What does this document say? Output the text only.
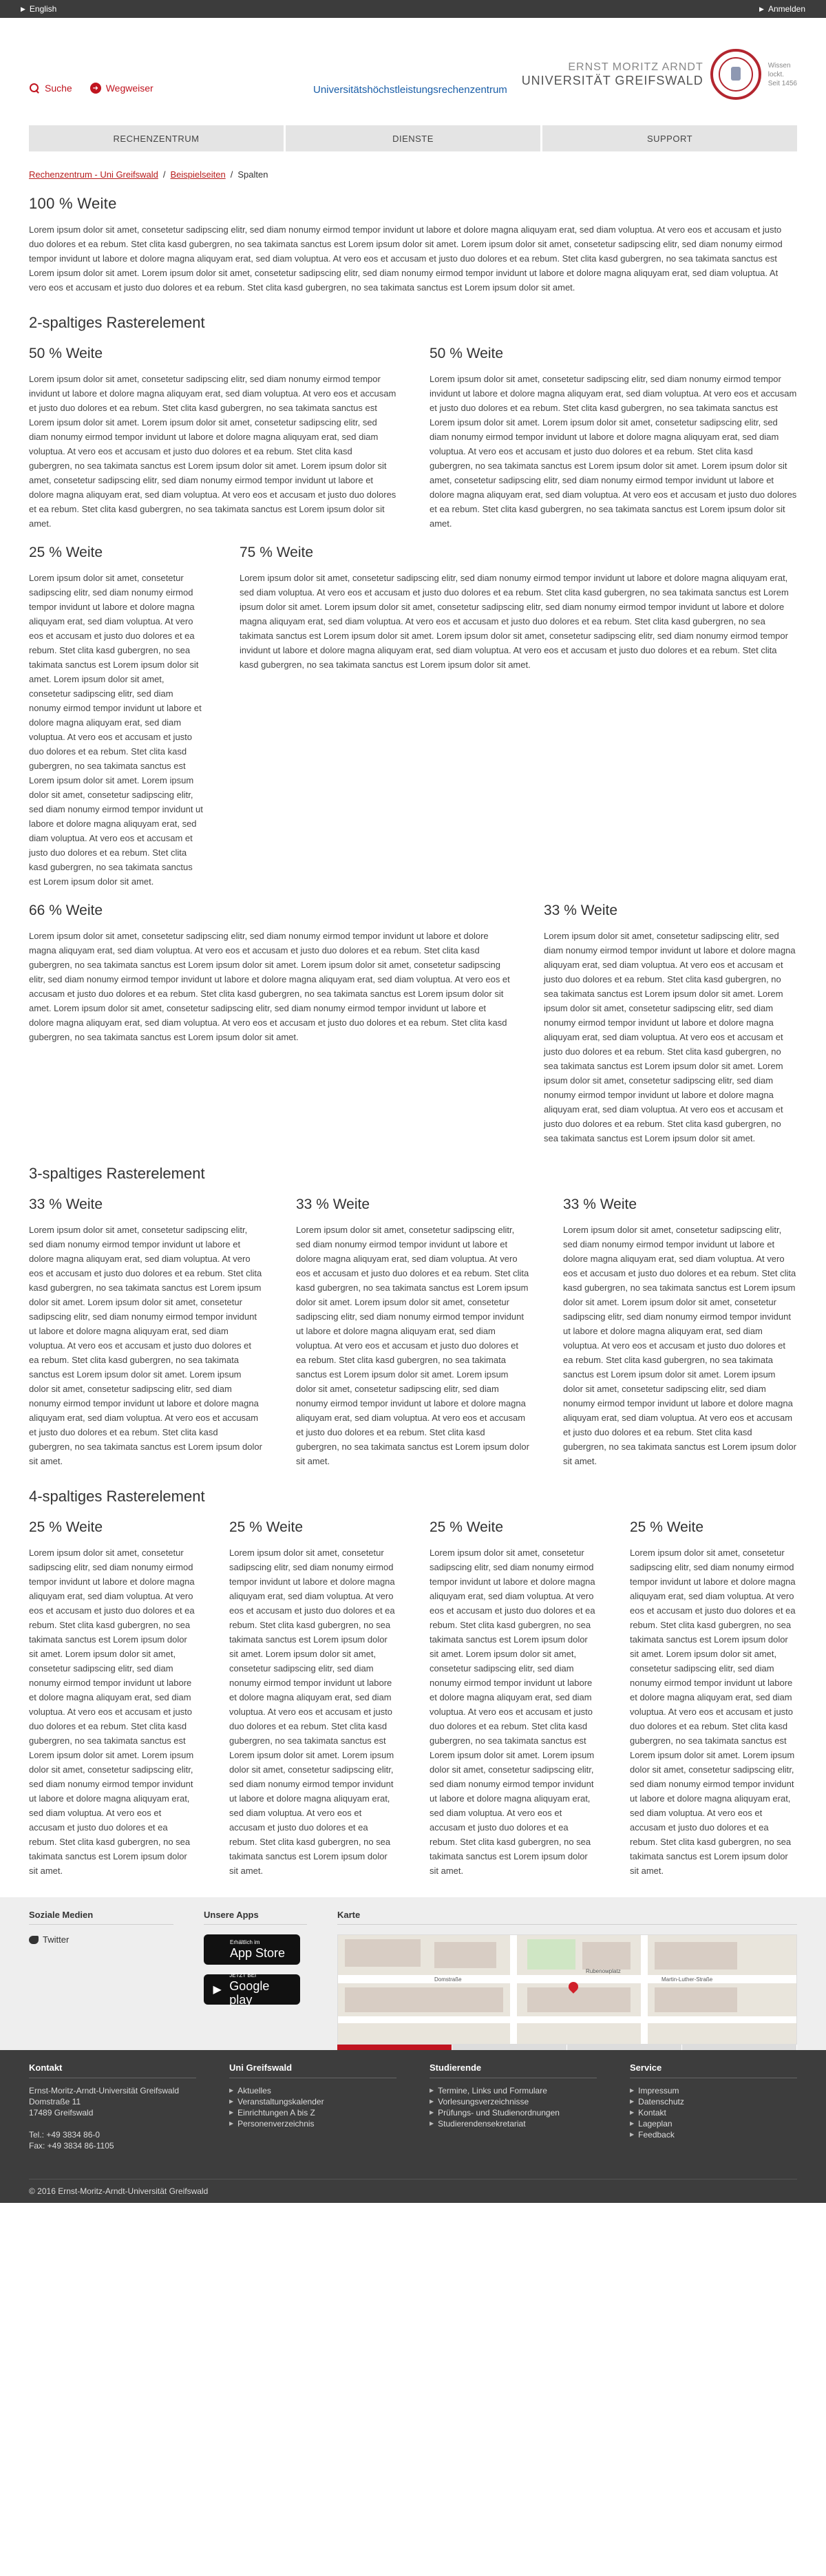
▶ English	▶ Anmelden
Suche	➜ Wegweiser	Universitätshöchstleistungsrechenzentrum
ERNST MORITZ ARNDT
UNIVERSITÄT GREIFSWALD
Wissen
lockt.
Seit 1456
RECHENZENTRUM	DIENSTE	SUPPORT
Rechenzentrum - Uni Greifswald / Beispielseiten / Spalten
100 % Weite

Lorem ipsum dolor sit amet, consetetur sadipscing elitr, sed diam nonumy eirmod tempor invidunt ut labore et dolore magna aliquyam erat, sed diam voluptua. At vero eos et accusam et justo duo dolores et ea rebum. Stet clita kasd gubergren, no sea takimata sanctus est Lorem ipsum dolor sit amet. Lorem ipsum dolor sit amet, consetetur sadipscing elitr, sed diam nonumy eirmod tempor invidunt ut labore et dolore magna aliquyam erat, sed diam voluptua. At vero eos et accusam et justo duo dolores et ea rebum. Stet clita kasd gubergren, no sea takimata sanctus est Lorem ipsum dolor sit amet. Lorem ipsum dolor sit amet, consetetur sadipscing elitr, sed diam nonumy eirmod tempor invidunt ut labore et dolore magna aliquyam erat, sed diam voluptua. At vero eos et accusam et justo duo dolores et ea rebum. Stet clita kasd gubergren, no sea takimata sanctus est Lorem ipsum dolor sit amet.

2-spaltiges Rasterelement
50 % Weite

Lorem ipsum dolor sit amet, consetetur sadipscing elitr, sed diam nonumy eirmod tempor invidunt ut labore et dolore magna aliquyam erat, sed diam voluptua. At vero eos et accusam et justo duo dolores et ea rebum. Stet clita kasd gubergren, no sea takimata sanctus est Lorem ipsum dolor sit amet. Lorem ipsum dolor sit amet, consetetur sadipscing elitr, sed diam nonumy eirmod tempor invidunt ut labore et dolore magna aliquyam erat, sed diam voluptua. At vero eos et accusam et justo duo dolores et ea rebum. Stet clita kasd gubergren, no sea takimata sanctus est Lorem ipsum dolor sit amet. Lorem ipsum dolor sit amet, consetetur sadipscing elitr, sed diam nonumy eirmod tempor invidunt ut labore et dolore magna aliquyam erat, sed diam voluptua. At vero eos et accusam et justo duo dolores et ea rebum. Stet clita kasd gubergren, no sea takimata sanctus est Lorem ipsum dolor sit amet.

50 % Weite

Lorem ipsum dolor sit amet, consetetur sadipscing elitr, sed diam nonumy eirmod tempor invidunt ut labore et dolore magna aliquyam erat, sed diam voluptua. At vero eos et accusam et justo duo dolores et ea rebum. Stet clita kasd gubergren, no sea takimata sanctus est Lorem ipsum dolor sit amet. Lorem ipsum dolor sit amet, consetetur sadipscing elitr, sed diam nonumy eirmod tempor invidunt ut labore et dolore magna aliquyam erat, sed diam voluptua. At vero eos et accusam et justo duo dolores et ea rebum. Stet clita kasd gubergren, no sea takimata sanctus est Lorem ipsum dolor sit amet. Lorem ipsum dolor sit amet, consetetur sadipscing elitr, sed diam nonumy eirmod tempor invidunt ut labore et dolore magna aliquyam erat, sed diam voluptua. At vero eos et accusam et justo duo dolores et ea rebum. Stet clita kasd gubergren, no sea takimata sanctus est Lorem ipsum dolor sit amet.

25 % Weite

Lorem ipsum dolor sit amet, consetetur sadipscing elitr, sed diam nonumy eirmod tempor invidunt ut labore et dolore magna aliquyam erat, sed diam voluptua. At vero eos et accusam et justo duo dolores et ea rebum. Stet clita kasd gubergren, no sea takimata sanctus est Lorem ipsum dolor sit amet. Lorem ipsum dolor sit amet, consetetur sadipscing elitr, sed diam nonumy eirmod tempor invidunt ut labore et dolore magna aliquyam erat, sed diam voluptua. At vero eos et accusam et justo duo dolores et ea rebum. Stet clita kasd gubergren, no sea takimata sanctus est Lorem ipsum dolor sit amet. Lorem ipsum dolor sit amet, consetetur sadipscing elitr, sed diam nonumy eirmod tempor invidunt ut labore et dolore magna aliquyam erat, sed diam voluptua. At vero eos et accusam et justo duo dolores et ea rebum. Stet clita kasd gubergren, no sea takimata sanctus est Lorem ipsum dolor sit amet.

75 % Weite

Lorem ipsum dolor sit amet, consetetur sadipscing elitr, sed diam nonumy eirmod tempor invidunt ut labore et dolore magna aliquyam erat, sed diam voluptua. At vero eos et accusam et justo duo dolores et ea rebum. Stet clita kasd gubergren, no sea takimata sanctus est Lorem ipsum dolor sit amet. Lorem ipsum dolor sit amet, consetetur sadipscing elitr, sed diam nonumy eirmod tempor invidunt ut labore et dolore magna aliquyam erat, sed diam voluptua. At vero eos et accusam et justo duo dolores et ea rebum. Stet clita kasd gubergren, no sea takimata sanctus est Lorem ipsum dolor sit amet. Lorem ipsum dolor sit amet, consetetur sadipscing elitr, sed diam nonumy eirmod tempor invidunt ut labore et dolore magna aliquyam erat, sed diam voluptua. At vero eos et accusam et justo duo dolores et ea rebum. Stet clita kasd gubergren, no sea takimata sanctus est Lorem ipsum dolor sit amet.

66 % Weite

Lorem ipsum dolor sit amet, consetetur sadipscing elitr, sed diam nonumy eirmod tempor invidunt ut labore et dolore magna aliquyam erat, sed diam voluptua. At vero eos et accusam et justo duo dolores et ea rebum. Stet clita kasd gubergren, no sea takimata sanctus est Lorem ipsum dolor sit amet. Lorem ipsum dolor sit amet, consetetur sadipscing elitr, sed diam nonumy eirmod tempor invidunt ut labore et dolore magna aliquyam erat, sed diam voluptua. At vero eos et accusam et justo duo dolores et ea rebum. Stet clita kasd gubergren, no sea takimata sanctus est Lorem ipsum dolor sit amet. Lorem ipsum dolor sit amet, consetetur sadipscing elitr, sed diam nonumy eirmod tempor invidunt ut labore et dolore magna aliquyam erat, sed diam voluptua. At vero eos et accusam et justo duo dolores et ea rebum. Stet clita kasd gubergren, no sea takimata sanctus est Lorem ipsum dolor sit amet.

33 % Weite

Lorem ipsum dolor sit amet, consetetur sadipscing elitr, sed diam nonumy eirmod tempor invidunt ut labore et dolore magna aliquyam erat, sed diam voluptua. At vero eos et accusam et justo duo dolores et ea rebum. Stet clita kasd gubergren, no sea takimata sanctus est Lorem ipsum dolor sit amet. Lorem ipsum dolor sit amet, consetetur sadipscing elitr, sed diam nonumy eirmod tempor invidunt ut labore et dolore magna aliquyam erat, sed diam voluptua. At vero eos et accusam et justo duo dolores et ea rebum. Stet clita kasd gubergren, no sea takimata sanctus est Lorem ipsum dolor sit amet. Lorem ipsum dolor sit amet, consetetur sadipscing elitr, sed diam nonumy eirmod tempor invidunt ut labore et dolore magna aliquyam erat, sed diam voluptua. At vero eos et accusam et justo duo dolores et ea rebum. Stet clita kasd gubergren, no sea takimata sanctus est Lorem ipsum dolor sit amet.

3-spaltiges Rasterelement
33 % Weite

Lorem ipsum dolor sit amet, consetetur sadipscing elitr, sed diam nonumy eirmod tempor invidunt ut labore et dolore magna aliquyam erat, sed diam voluptua. At vero eos et accusam et justo duo dolores et ea rebum. Stet clita kasd gubergren, no sea takimata sanctus est Lorem ipsum dolor sit amet. Lorem ipsum dolor sit amet, consetetur sadipscing elitr, sed diam nonumy eirmod tempor invidunt ut labore et dolore magna aliquyam erat, sed diam voluptua. At vero eos et accusam et justo duo dolores et ea rebum. Stet clita kasd gubergren, no sea takimata sanctus est Lorem ipsum dolor sit amet. Lorem ipsum dolor sit amet, consetetur sadipscing elitr, sed diam nonumy eirmod tempor invidunt ut labore et dolore magna aliquyam erat, sed diam voluptua. At vero eos et accusam et justo duo dolores et ea rebum. Stet clita kasd gubergren, no sea takimata sanctus est Lorem ipsum dolor sit amet.

33 % Weite

Lorem ipsum dolor sit amet, consetetur sadipscing elitr, sed diam nonumy eirmod tempor invidunt ut labore et dolore magna aliquyam erat, sed diam voluptua. At vero eos et accusam et justo duo dolores et ea rebum. Stet clita kasd gubergren, no sea takimata sanctus est Lorem ipsum dolor sit amet. Lorem ipsum dolor sit amet, consetetur sadipscing elitr, sed diam nonumy eirmod tempor invidunt ut labore et dolore magna aliquyam erat, sed diam voluptua. At vero eos et accusam et justo duo dolores et ea rebum. Stet clita kasd gubergren, no sea takimata sanctus est Lorem ipsum dolor sit amet. Lorem ipsum dolor sit amet, consetetur sadipscing elitr, sed diam nonumy eirmod tempor invidunt ut labore et dolore magna aliquyam erat, sed diam voluptua. At vero eos et accusam et justo duo dolores et ea rebum. Stet clita kasd gubergren, no sea takimata sanctus est Lorem ipsum dolor sit amet.

33 % Weite

Lorem ipsum dolor sit amet, consetetur sadipscing elitr, sed diam nonumy eirmod tempor invidunt ut labore et dolore magna aliquyam erat, sed diam voluptua. At vero eos et accusam et justo duo dolores et ea rebum. Stet clita kasd gubergren, no sea takimata sanctus est Lorem ipsum dolor sit amet. Lorem ipsum dolor sit amet, consetetur sadipscing elitr, sed diam nonumy eirmod tempor invidunt ut labore et dolore magna aliquyam erat, sed diam voluptua. At vero eos et accusam et justo duo dolores et ea rebum. Stet clita kasd gubergren, no sea takimata sanctus est Lorem ipsum dolor sit amet. Lorem ipsum dolor sit amet, consetetur sadipscing elitr, sed diam nonumy eirmod tempor invidunt ut labore et dolore magna aliquyam erat, sed diam voluptua. At vero eos et accusam et justo duo dolores et ea rebum. Stet clita kasd gubergren, no sea takimata sanctus est Lorem ipsum dolor sit amet.

4-spaltiges Rasterelement
25 % Weite

Lorem ipsum dolor sit amet, consetetur sadipscing elitr, sed diam nonumy eirmod tempor invidunt ut labore et dolore magna aliquyam erat, sed diam voluptua. At vero eos et accusam et justo duo dolores et ea rebum. Stet clita kasd gubergren, no sea takimata sanctus est Lorem ipsum dolor sit amet. Lorem ipsum dolor sit amet, consetetur sadipscing elitr, sed diam nonumy eirmod tempor invidunt ut labore et dolore magna aliquyam erat, sed diam voluptua. At vero eos et accusam et justo duo dolores et ea rebum. Stet clita kasd gubergren, no sea takimata sanctus est Lorem ipsum dolor sit amet. Lorem ipsum dolor sit amet, consetetur sadipscing elitr, sed diam nonumy eirmod tempor invidunt ut labore et dolore magna aliquyam erat, sed diam voluptua. At vero eos et accusam et justo duo dolores et ea rebum. Stet clita kasd gubergren, no sea takimata sanctus est Lorem ipsum dolor sit amet.

25 % Weite

Lorem ipsum dolor sit amet, consetetur sadipscing elitr, sed diam nonumy eirmod tempor invidunt ut labore et dolore magna aliquyam erat, sed diam voluptua. At vero eos et accusam et justo duo dolores et ea rebum. Stet clita kasd gubergren, no sea takimata sanctus est Lorem ipsum dolor sit amet. Lorem ipsum dolor sit amet, consetetur sadipscing elitr, sed diam nonumy eirmod tempor invidunt ut labore et dolore magna aliquyam erat, sed diam voluptua. At vero eos et accusam et justo duo dolores et ea rebum. Stet clita kasd gubergren, no sea takimata sanctus est Lorem ipsum dolor sit amet. Lorem ipsum dolor sit amet, consetetur sadipscing elitr, sed diam nonumy eirmod tempor invidunt ut labore et dolore magna aliquyam erat, sed diam voluptua. At vero eos et accusam et justo duo dolores et ea rebum. Stet clita kasd gubergren, no sea takimata sanctus est Lorem ipsum dolor sit amet.

25 % Weite

Lorem ipsum dolor sit amet, consetetur sadipscing elitr, sed diam nonumy eirmod tempor invidunt ut labore et dolore magna aliquyam erat, sed diam voluptua. At vero eos et accusam et justo duo dolores et ea rebum. Stet clita kasd gubergren, no sea takimata sanctus est Lorem ipsum dolor sit amet. Lorem ipsum dolor sit amet, consetetur sadipscing elitr, sed diam nonumy eirmod tempor invidunt ut labore et dolore magna aliquyam erat, sed diam voluptua. At vero eos et accusam et justo duo dolores et ea rebum. Stet clita kasd gubergren, no sea takimata sanctus est Lorem ipsum dolor sit amet. Lorem ipsum dolor sit amet, consetetur sadipscing elitr, sed diam nonumy eirmod tempor invidunt ut labore et dolore magna aliquyam erat, sed diam voluptua. At vero eos et accusam et justo duo dolores et ea rebum. Stet clita kasd gubergren, no sea takimata sanctus est Lorem ipsum dolor sit amet.

25 % Weite

Lorem ipsum dolor sit amet, consetetur sadipscing elitr, sed diam nonumy eirmod tempor invidunt ut labore et dolore magna aliquyam erat, sed diam voluptua. At vero eos et accusam et justo duo dolores et ea rebum. Stet clita kasd gubergren, no sea takimata sanctus est Lorem ipsum dolor sit amet. Lorem ipsum dolor sit amet, consetetur sadipscing elitr, sed diam nonumy eirmod tempor invidunt ut labore et dolore magna aliquyam erat, sed diam voluptua. At vero eos et accusam et justo duo dolores et ea rebum. Stet clita kasd gubergren, no sea takimata sanctus est Lorem ipsum dolor sit amet. Lorem ipsum dolor sit amet, consetetur sadipscing elitr, sed diam nonumy eirmod tempor invidunt ut labore et dolore magna aliquyam erat, sed diam voluptua. At vero eos et accusam et justo duo dolores et ea rebum. Stet clita kasd gubergren, no sea takimata sanctus est Lorem ipsum dolor sit amet.

Soziale Medien
Twitter
Unsere Apps
Erhältlich im
App Store
▶
JETZT BEI
Google play
Karte
Domstraße
Rubenowplatz
Martin-Luther-Straße
Kontakt
Ernst-Moritz-Arndt-Universität Greifswald
Domstraße 11
17489 Greifswald

Tel.: +49 3834 86-0
Fax: +49 3834 86-1105
Uni Greifswald
▶ Aktuelles
▶ Veranstaltungskalender
▶ Einrichtungen A bis Z
▶ Personenverzeichnis
Studierende
▶ Termine, Links und Formulare
▶ Vorlesungsverzeichnisse
▶ Prüfungs- und Studienordnungen
▶ Studierendensekretariat
Service
▶ Impressum
▶ Datenschutz
▶ Kontakt
▶ Lageplan
▶ Feedback
© 2016 Ernst-Moritz-Arndt-Universität Greifswald
